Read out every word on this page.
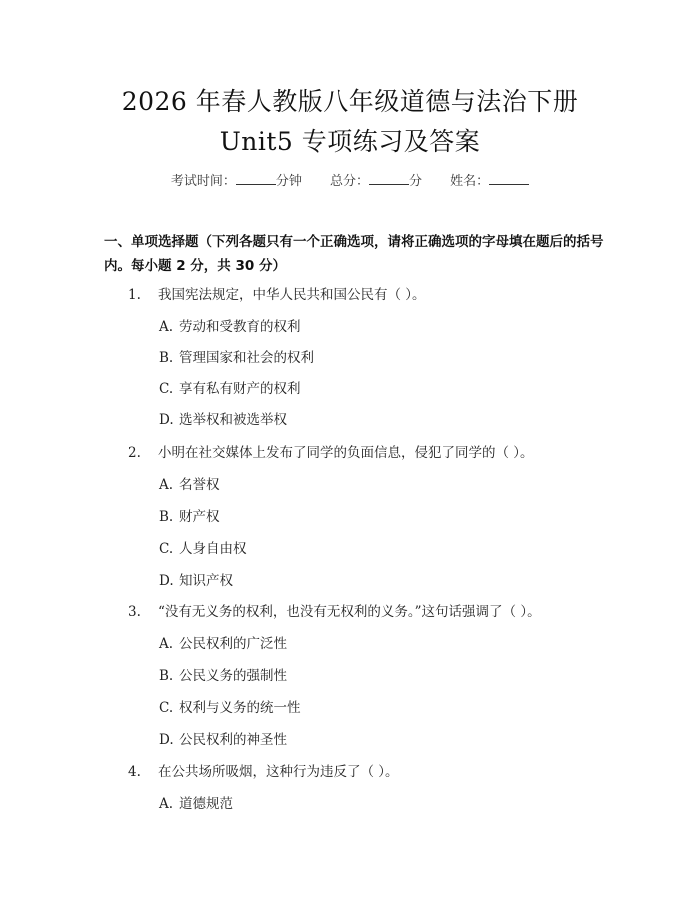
2026 年春人教版八年级道德与法治下册
Unit5 专项练习及答案
考试时间：	分钟 总分：	分 姓名：
一、单项选择题（下列各题只有一个正确选项，请将正确选项的字母填在题后的括号内。每小题 2 分，共 30 分）
1. 我国宪法规定，中华人民共和国公民有（ ）。
A. 劳动和受教育的权利
B. 管理国家和社会的权利
C. 享有私有财产的权利
D. 选举权和被选举权
2. 小明在社交媒体上发布了同学的负面信息，侵犯了同学的（ ）。
A. 名誉权
B. 财产权
C. 人身自由权
D. 知识产权
3. “没有无义务的权利，也没有无权利的义务。”这句话强调了（ ）。
A. 公民权利的广泛性
B. 公民义务的强制性
C. 权利与义务的统一性
D. 公民权利的神圣性
4. 在公共场所吸烟，这种行为违反了（ ）。
A. 道德规范
